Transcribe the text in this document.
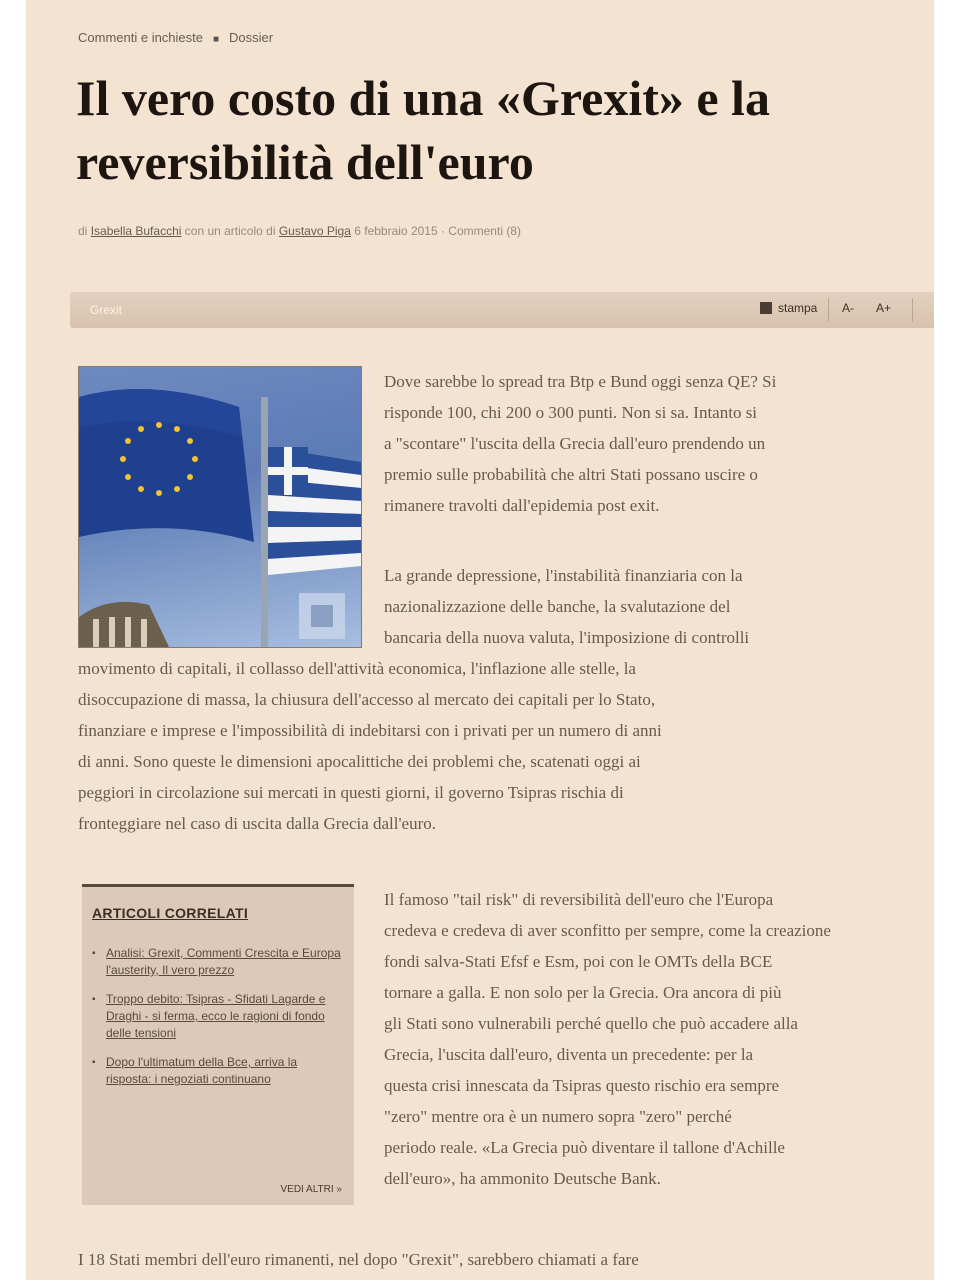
Commenti e inchieste ■ Dossier
Il vero costo di una «Grexit» e la
reversibilità dell'euro
di Isabella Bufacchi con un articolo di Gustavo Piga 6 febbraio 2015 · Commenti (8)
Grexit	stampa A- A+

Dove sarebbe lo spread tra Btp e Bund oggi senza QE? Si

risponde 100, chi 200 o 300 punti. Non si sa. Intanto si

a "scontare" l'uscita della Grecia dall'euro prendendo un

premio sulle probabilità che altri Stati possano uscire o

rimanere travolti dall'epidemia post exit.

La grande depressione, l'instabilità finanziaria con la

nazionalizzazione delle banche, la svalutazione del

bancaria della nuova valuta, l'imposizione di controlli

movimento di capitali, il collasso dell'attività economica, l'inflazione alle stelle, la

disoccupazione di massa, la chiusura dell'accesso al mercato dei capitali per lo Stato,

finanziare e imprese e l'impossibilità di indebitarsi con i privati per un numero di anni

di anni. Sono queste le dimensioni apocalittiche dei problemi che, scatenati oggi ai

peggiori in circolazione sui mercati in questi giorni, il governo Tsipras rischia di

fronteggiare nel caso di uscita dalla Grecia dall'euro.

ARTICOLI CORRELATI
▪ Analisi: Grexit, Commenti Crescita e Europa l'austerity, Il vero prezzo
▪ Troppo debito: Tsipras - Sfidati Lagarde e Draghi - si ferma, ecco le ragioni di fondo delle tensioni
▪ Dopo l'ultimatum della Bce, arriva la risposta: i negoziati continuano
VEDI ALTRI »

Il famoso "tail risk" di reversibilità dell'euro che l'Europa

credeva e credeva di aver sconfitto per sempre, come la creazione

fondi salva-Stati Efsf e Esm, poi con le OMTs della BCE

tornare a galla. E non solo per la Grecia. Ora ancora di più

gli Stati sono vulnerabili perché quello che può accadere alla

Grecia, l'uscita dall'euro, diventa un precedente: per la

questa crisi innescata da Tsipras questo rischio era sempre

"zero" mentre ora è un numero sopra "zero" perché

periodo reale. «La Grecia può diventare il tallone d'Achille

dell'euro», ha ammonito Deutsche Bank.

I 18 Stati membri dell'euro rimanenti, nel dopo "Grexit", sarebbero chiamati a fare
